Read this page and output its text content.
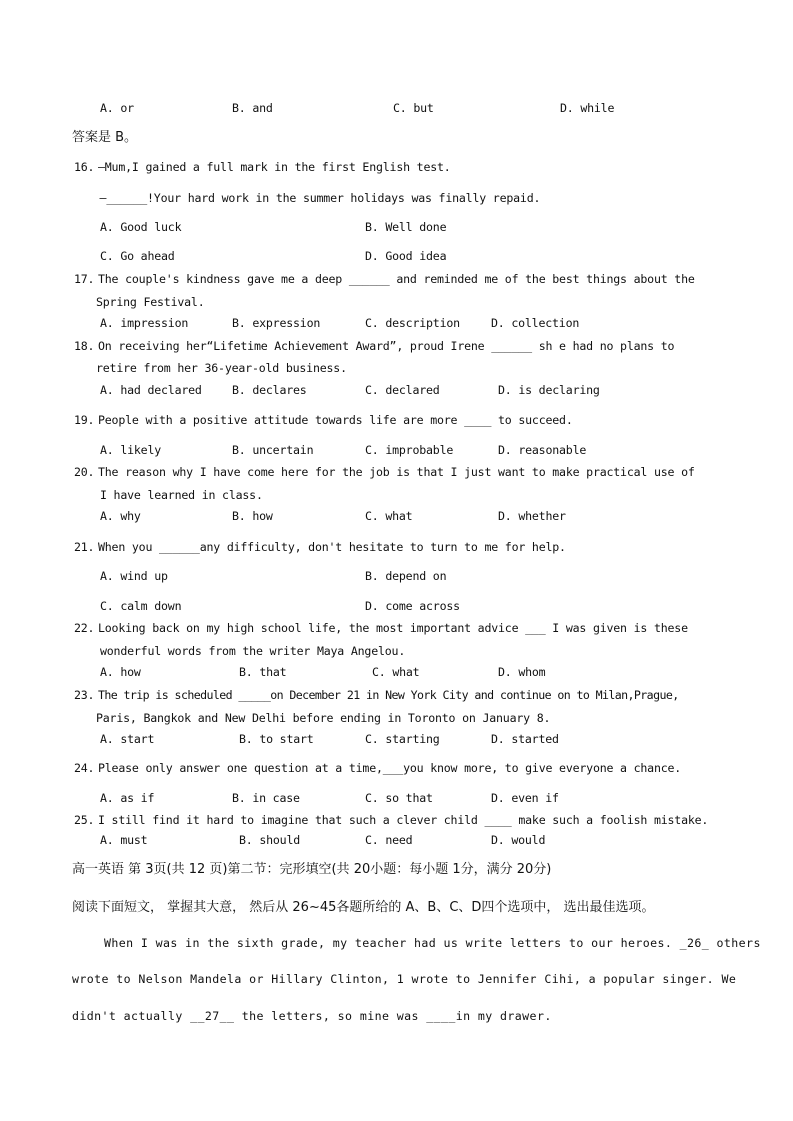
A. or	B. and	C. but	D. while
答案是 B。
16. —Mum,I gained a full mark in the first English test.
—______!Your hard work in the summer holidays was finally repaid.
A. Good luck	B. Well done
C. Go ahead	D. Good idea
17. The couple's kindness gave me a deep ______ and reminded me of the best things about the
Spring Festival.
A. impression	B. expression	C. description	D. collection
18. On receiving her“Lifetime Achievement Award”, proud Irene ______ sh e had no plans to
retire from her 36-year-old business.
A. had declared	B. declares	C. declared	D. is declaring
19. People with a positive attitude towards life are more ____ to succeed.
A. likely	B. uncertain	C. improbable	D. reasonable
20. The reason why I have come here for the job is that I just want to make practical use of
I have learned in class.
A. why	B. how	C. what	D. whether
21. When you ______any difficulty, don't hesitate to turn to me for help.
A. wind up	B. depend on
C. calm down	D. come across
22. Looking back on my high school life, the most important advice ___ I was given is these
wonderful words from the writer Maya Angelou.
A. how	B. that	C. what	D. whom
23. The trip is scheduled _____on December 21 in New York City and continue on to Milan,Prague,
Paris, Bangkok and New Delhi before ending in Toronto on January 8.
A. start	B. to start	C. starting	D. started
24. Please only answer one question at a time,___you know more, to give everyone a chance.
A. as if	B. in case	C. so that	D. even if
25. I still find it hard to imagine that such a clever child ____ make such a foolish mistake.
A. must	B. should	C. need	D. would
高一英语 第 3页(共 12 页)第二节：完形填空(共 20小题：每小题 1分，满分 20分)
阅读下面短文， 掌握其大意， 然后从 26~45各题所给的 A、B、C、D四个选项中， 选出最佳选项。
When I was in the sixth grade, my teacher had us write letters to our heroes. _26_ others
wrote to Nelson Mandela or Hillary Clinton, 1 wrote to Jennifer Cihi, a popular singer. We
didn't actually __27__ the letters, so mine was ____in my drawer.
